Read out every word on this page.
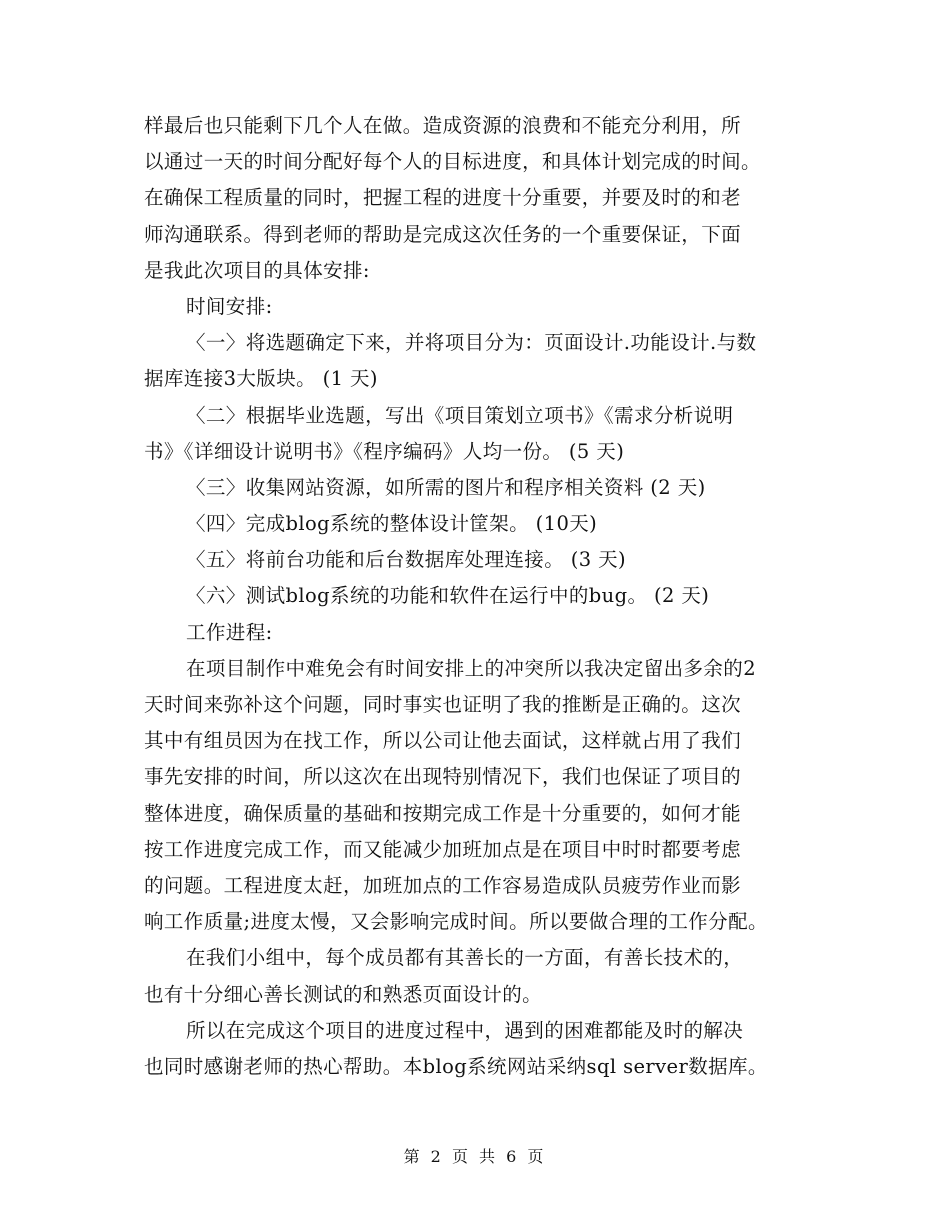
样最后也只能剩下几个人在做。造成资源的浪费和不能充分利用，所
以通过一天的时间分配好每个人的目标进度，和具体计划完成的时间。
在确保工程质量的同时，把握工程的进度十分重要，并要及时的和老
师沟通联系。得到老师的帮助是完成这次任务的一个重要保证，下面
是我此次项目的具体安排:
时间安排:
〈一〉将选题确定下来，并将项目分为：页面设计.功能设计.与数
据库连接3大版块。 (1 天)
〈二〉根据毕业选题，写出《项目策划立项书》《需求分析说明
书》《详细设计说明书》《程序编码》人均一份。 (5 天)
〈三〉收集网站资源，如所需的图片和程序相关资料 (2 天)
〈四〉完成blog系统的整体设计筐架。 (10天)
〈五〉将前台功能和后台数据库处理连接。 (3 天)
〈六〉测试blog系统的功能和软件在运行中的bug。 (2 天)
工作进程:
在项目制作中难免会有时间安排上的冲突所以我决定留出多余的2
天时间来弥补这个问题，同时事实也证明了我的推断是正确的。这次
其中有组员因为在找工作，所以公司让他去面试，这样就占用了我们
事先安排的时间，所以这次在出现特别情况下，我们也保证了项目的
整体进度，确保质量的基础和按期完成工作是十分重要的，如何才能
按工作进度完成工作，而又能减少加班加点是在项目中时时都要考虑
的问题。工程进度太赶，加班加点的工作容易造成队员疲劳作业而影
响工作质量;进度太慢，又会影响完成时间。所以要做合理的工作分配。
在我们小组中，每个成员都有其善长的一方面，有善长技术的，
也有十分细心善长测试的和熟悉页面设计的。
所以在完成这个项目的进度过程中，遇到的困难都能及时的解决
也同时感谢老师的热心帮助。本blog系统网站采纳sql server数据库。
第 2 页 共 6 页
